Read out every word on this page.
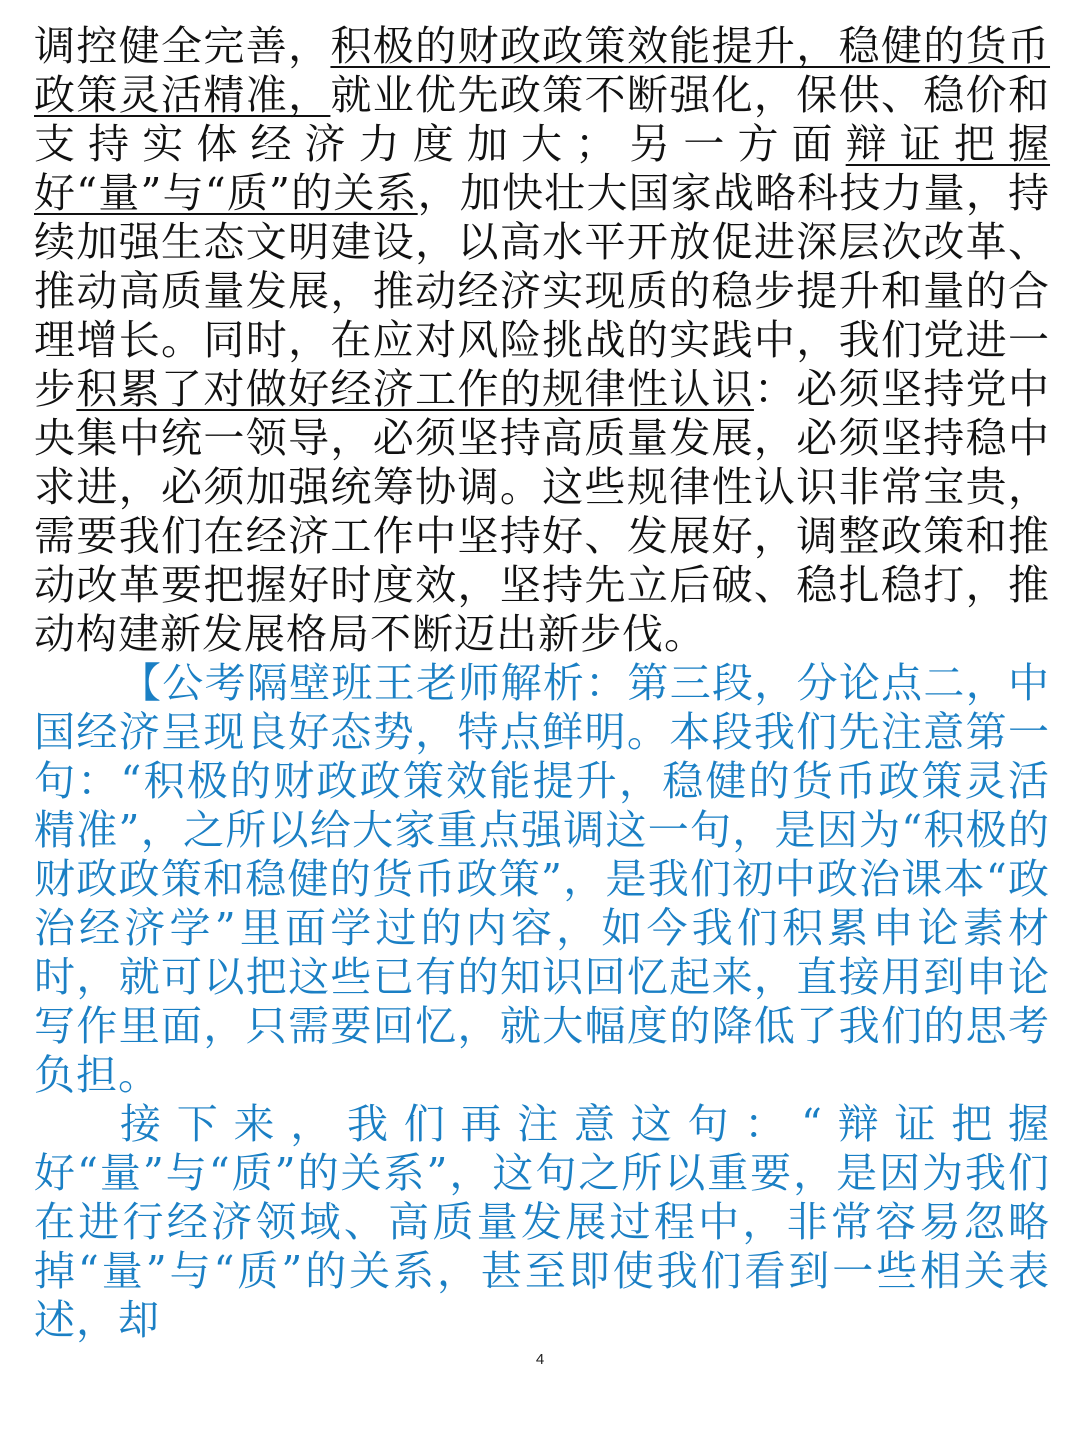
调控健全完善，积极的财政政策效能提升，稳健的货币政策灵活精准，就业优先政策不断强化，保供、稳价和支持实体经济力度加大；另一方面辩证把握好“量”与“质”的关系，加快壮大国家战略科技力量，持续加强生态文明建设，以高水平开放促进深层次改革、推动高质量发展，推动经济实现质的稳步提升和量的合理增长。同时，在应对风险挑战的实践中，我们党进一步积累了对做好经济工作的规律性认识：必须坚持党中央集中统一领导，必须坚持高质量发展，必须坚持稳中求进，必须加强统筹协调。这些规律性认识非常宝贵，需要我们在经济工作中坚持好、发展好，调整政策和推动改革要把握好时度效，坚持先立后破、稳扎稳打，推动构建新发展格局不断迈出新步伐。

【公考隔壁班王老师解析：第三段，分论点二，中国经济呈现良好态势，特点鲜明。本段我们先注意第一句：“积极的财政政策效能提升，稳健的货币政策灵活精准”，之所以给大家重点强调这一句，是因为“积极的财政政策和稳健的货币政策”，是我们初中政治课本“政治经济学”里面学过的内容，如今我们积累申论素材时，就可以把这些已有的知识回忆起来，直接用到申论写作里面，只需要回忆，就大幅度的降低了我们的思考负担。

接下来，我们再注意这句：“辩证把握好“量”与“质”的关系”，这句之所以重要，是因为我们在进行经济领域、高质量发展过程中，非常容易忽略掉“量”与“质”的关系，甚至即使我们看到一些相关表述，却

4
